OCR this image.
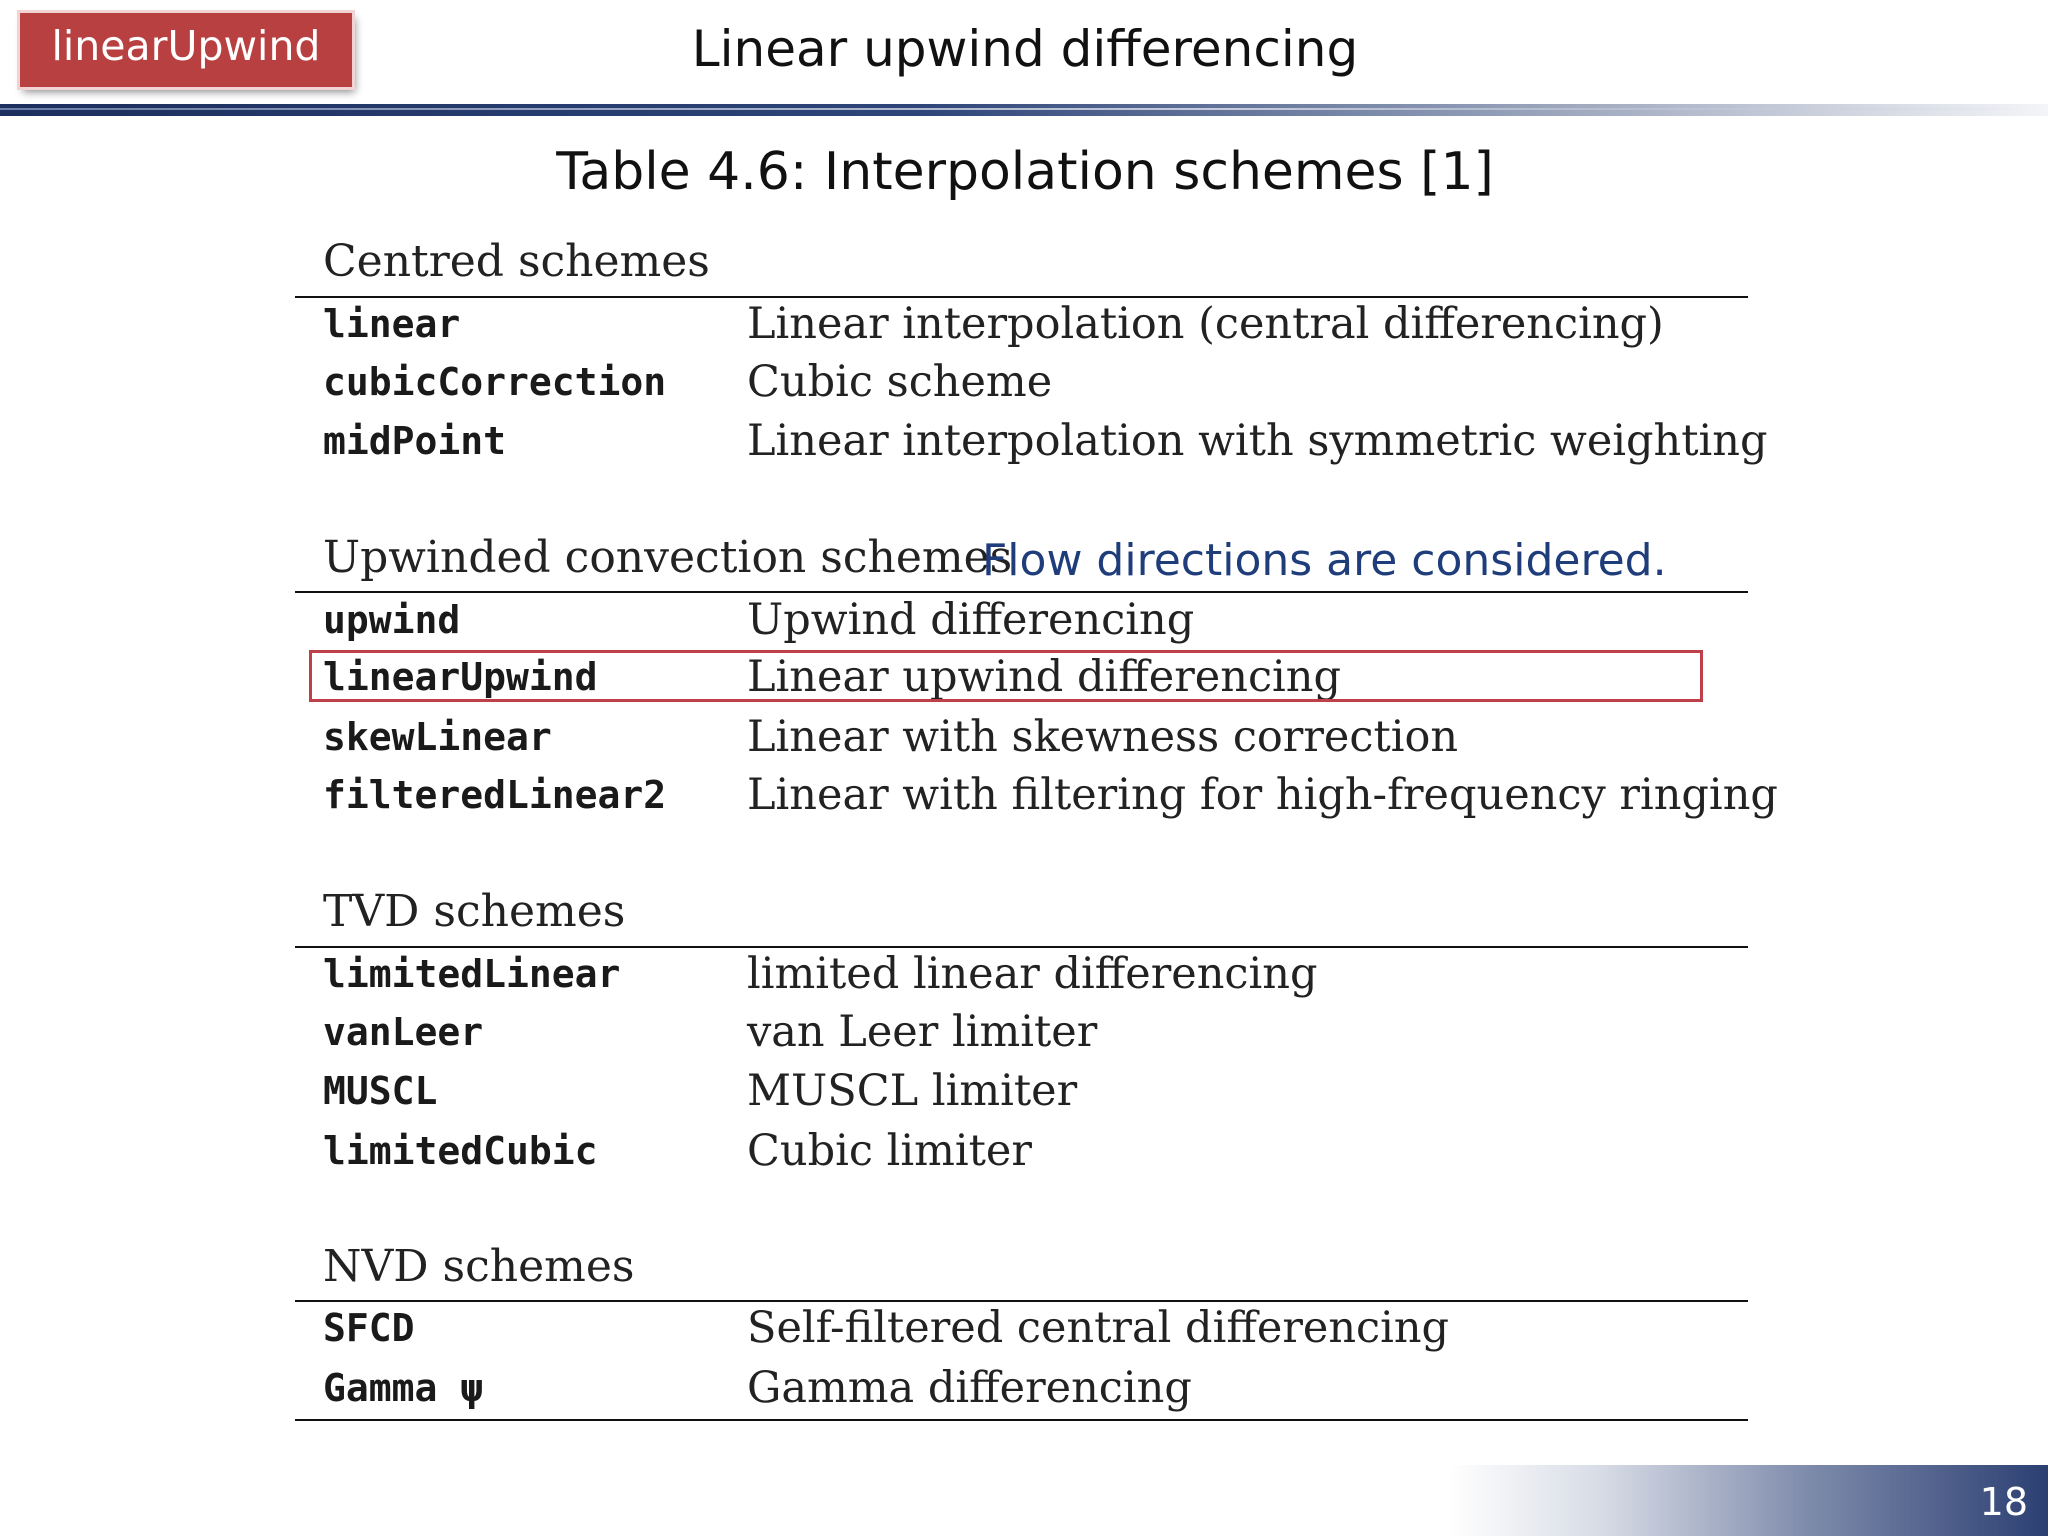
linearUpwind	Linear upwind differencing
Table 4.6: Interpolation schemes [1]
Centred schemes
linear	Linear interpolation (central differencing)
cubicCorrection Cubic scheme
midPoint	Linear interpolation with symmetric weighting
Upwinded convection schemes
upwind	Upwind differencing
linearUpwind	Linear upwind differencing
skewLinear	Linear with skewness correction
filteredLinear2 Linear with filtering for high-frequency ringing
TVD schemes
limitedLinear	limited linear differencing
vanLeer	van Leer limiter
MUSCL	MUSCL limiter
limitedCubic	Cubic limiter
NVD schemes
SFCD	Self-filtered central differencing
Gamma ψ	Gamma differencing
Flow directions are considered.
18
